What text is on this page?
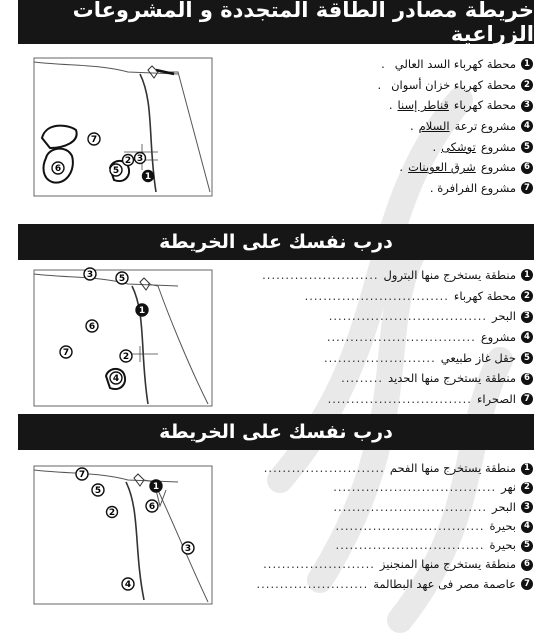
خريطة مصادر الطاقة المتجددة و المشروعات الزراعية
7
6	5
2 3
1
1
محطة كهرباء السد العالي
.
2
محطة كهرباء خزان أسوان
.
3
محطة كهرباء
قناطر إسنا
.
4
مشروع ترعة
السلام
.
5
مشروع
توشكى
.
6
مشروع
شرق العوينات
.
7
مشروع الفرافرة .
درب نفسك على الخريطة
3	5
1
6
7	2
4
1
منطقة يستخرج منها البترول
.........................
2
محطة كهرباء
...............................
3
البحر
..................................
4
مشروع
................................
5
حقل غاز طبيعي
........................
6
منطقة يستخرج منها الحديد
.........
7
الصحراء
...............................
درب نفسك على الخريطة
7
5	1
6
2
3
4
1
منطقة يستخرج منها الفحم
..........................
2
نهر
...................................
3
البحر
.................................
4
بحيرة
................................
5
بحيرة
................................
6
منطقة يستخرج منها المنجنيز
........................
7
عاصمة مصر فى عهد البطالمة
........................
